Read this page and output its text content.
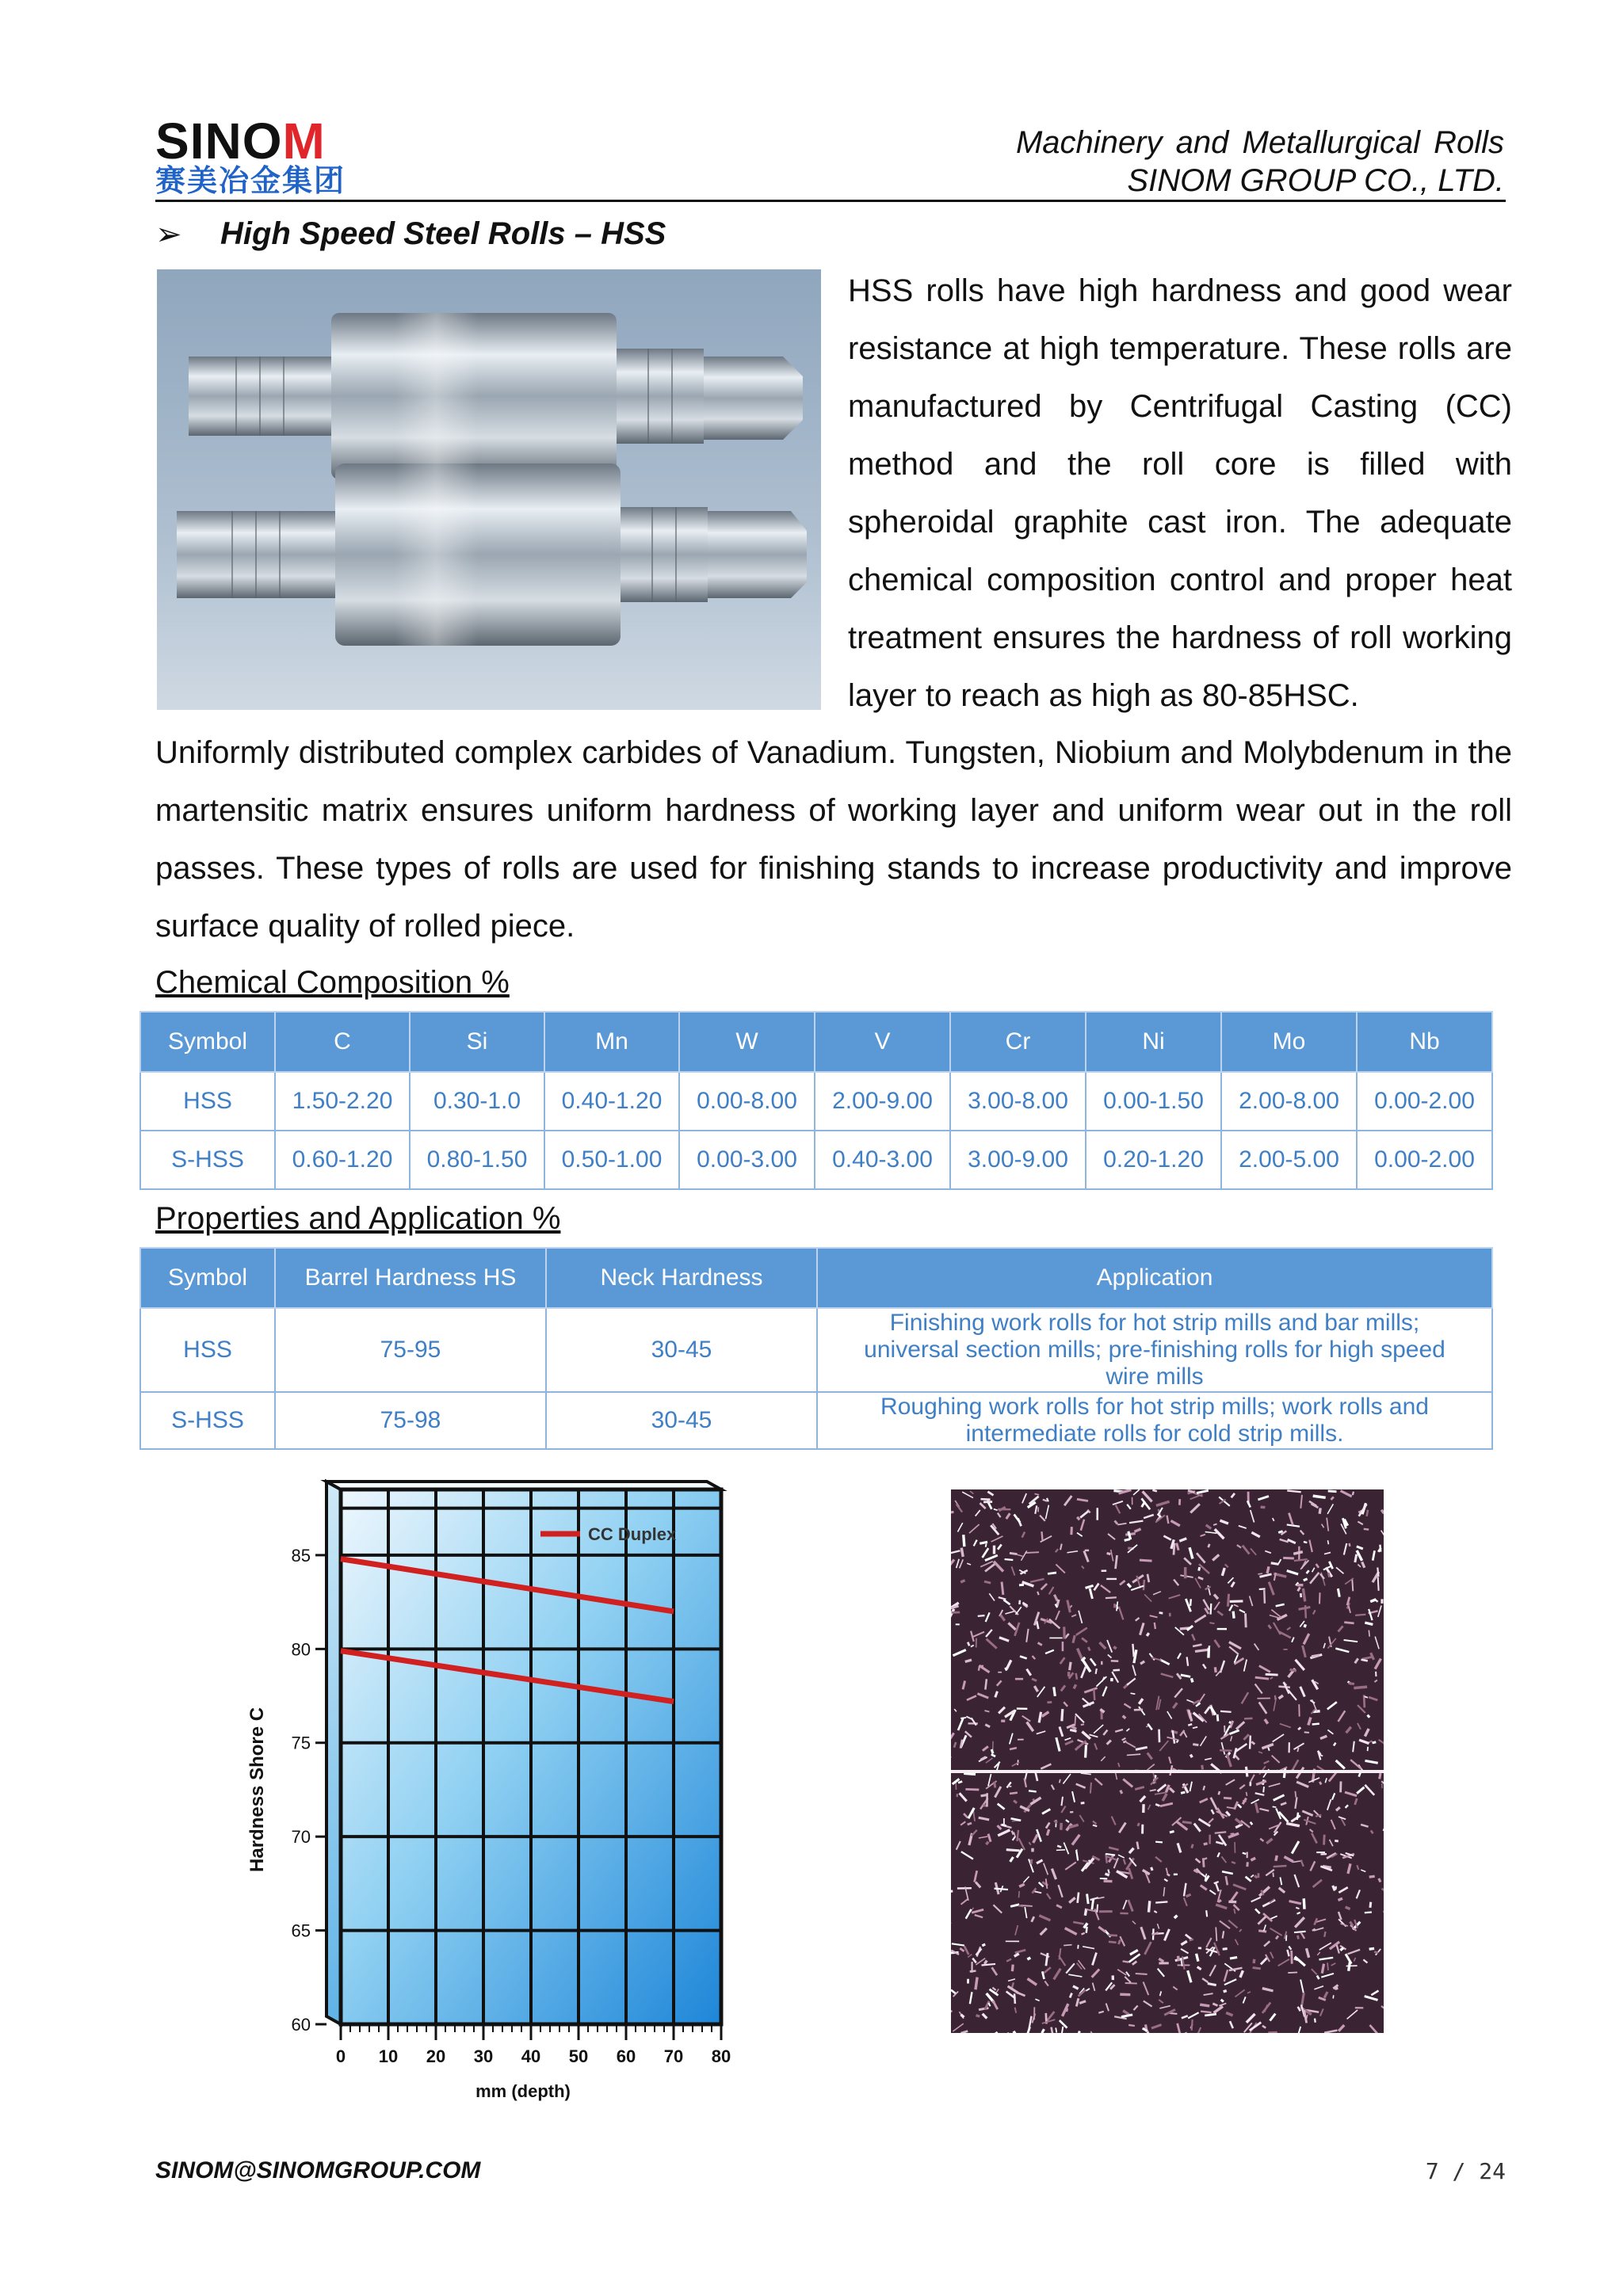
SINOM
赛美冶金集团
Machinery and Metallurgical Rolls
SINOM GROUP CO., LTD.
➢ High Speed Steel Rolls – HSS

HSS rolls have high hardness and good wear resistance at high temperature. These rolls are manufactured by Centrifugal Casting (CC) method and the roll core is filled with spheroidal graphite cast iron. The adequate chemical composition control and proper heat treatment ensures the hardness of roll working layer to reach as high as 80-85HSC.

Uniformly distributed complex carbides of Vanadium. Tungsten, Niobium and Molybdenum in the martensitic matrix ensures uniform hardness of working layer and uniform wear out in the roll passes. These types of rolls are used for finishing stands to increase productivity and improve surface quality of rolled piece.

Chemical Composition %
Symbol	C	Si	Mn	W	V	Cr	Ni	Mo	Nb
HSS	1.50-2.20	0.30-1.0	0.40-1.20	0.00-8.00	2.00-9.00	3.00-8.00	0.00-1.50	2.00-8.00	0.00-2.00
S-HSS	0.60-1.20	0.80-1.50	0.50-1.00	0.00-3.00	0.40-3.00	3.00-9.00	0.20-1.20	2.00-5.00	0.00-2.00
Properties and Application %
Symbol	Barrel Hardness HS	Neck Hardness	Application
HSS	75-95	30-45	Finishing work rolls for hot strip mills and bar mills; universal section mills; pre-finishing rolls for high speed wire mills
S-HSS	75-98	30-45	Roughing work rolls for hot strip mills; work rolls and intermediate rolls for cold strip mills.
60
65
70
75
80
85
0 10 20 30 40 50 60 70 80
mm (depth)
Hardness Shore C
CC Duplex
SINOM@SINOMGROUP.COM	7 / 24
